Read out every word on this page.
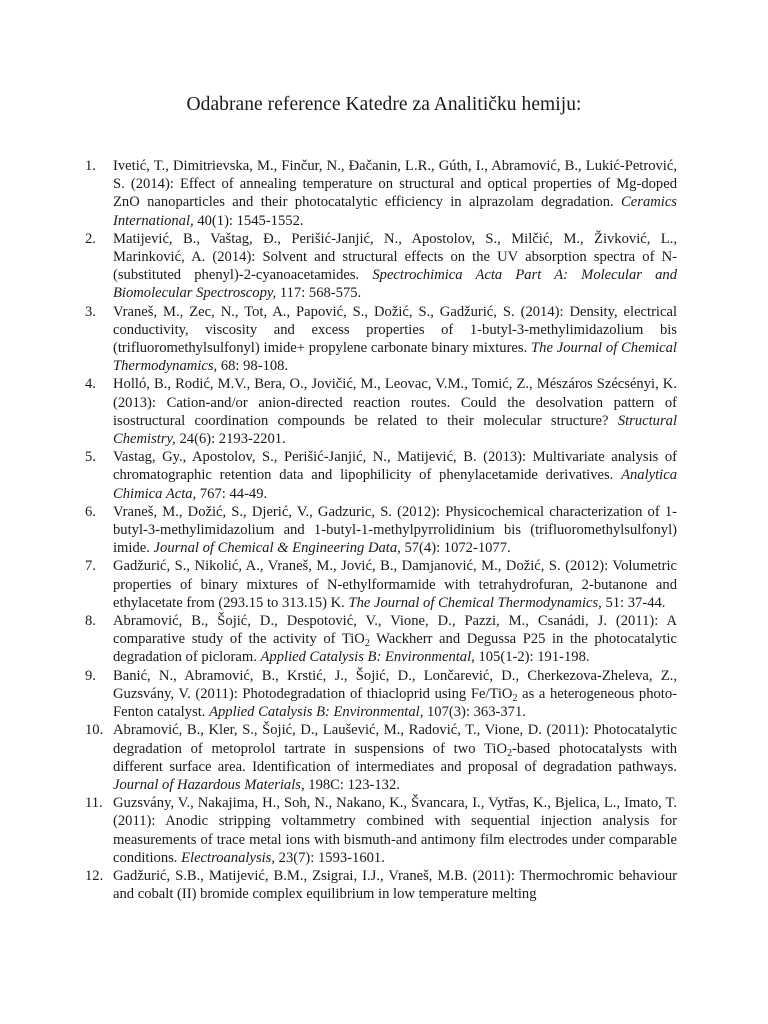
Odabrane reference Katedre za Analitičku hemiju:
1.	Ivetić, T., Dimitrievska, M., Finčur, N., Đačanin, L.R., Gúth, I., Abramović, B., Lukić-Petrović, S. (2014): Effect of annealing temperature on structural and optical properties of Mg-doped ZnO nanoparticles and their photocatalytic efficiency in alprazolam degradation. Ceramics International, 40(1): 1545-1552.
2.	Matijević, B., Vaštag, Đ., Perišić-Janjić, N., Apostolov, S., Milčić, M., Živković, L., Marinković, A. (2014): Solvent and structural effects on the UV absorption spectra of N-(substituted phenyl)-2-cyanoacetamides. Spectrochimica Acta Part A: Molecular and Biomolecular Spectroscopy, 117: 568-575.
3.	Vraneš, M., Zec, N., Tot, A., Papović, S., Dožić, S., Gadžurić, S. (2014): Density, electrical conductivity, viscosity and excess properties of 1-butyl-3-methylimidazolium bis (trifluoromethylsulfonyl) imide+ propylene carbonate binary mixtures. The Journal of Chemical Thermodynamics, 68: 98-108.
4.	Holló, B., Rodić, M.V., Bera, O., Jovičić, M., Leovac, V.M., Tomić, Z., Mészáros Szécsényi, K. (2013): Cation-and/or anion-directed reaction routes. Could the desolvation pattern of isostructural coordination compounds be related to their molecular structure? Structural Chemistry, 24(6): 2193-2201.
5.	Vastag, Gy., Apostolov, S., Perišić-Janjić, N., Matijević, B. (2013): Multivariate analysis of chromatographic retention data and lipophilicity of phenylacetamide derivatives. Analytica Chimica Acta, 767: 44-49.
6.	Vraneš, M., Dožić, S., Djerić, V., Gadzuric, S. (2012): Physicochemical characterization of 1-butyl-3-methylimidazolium and 1-butyl-1-methylpyrrolidinium bis (trifluoromethylsulfonyl) imide. Journal of Chemical & Engineering Data, 57(4): 1072-1077.
7.	Gadžurić, S., Nikolić, A., Vraneš, M., Jović, B., Damjanović, M., Dožić, S. (2012): Volumetric properties of binary mixtures of N-ethylformamide with tetrahydrofuran, 2-butanone and ethylacetate from (293.15 to 313.15) K. The Journal of Chemical Thermodynamics, 51: 37-44.
8.	Abramović, B., Šojić, D., Despotović, V., Vione, D., Pazzi, M., Csanádi, J. (2011): A comparative study of the activity of TiO$_2$ Wackherr and Degussa P25 in the photocatalytic degradation of picloram. Applied Catalysis B: Environmental, 105(1-2): 191-198.
9.	Banić, N., Abramović, B., Krstić, J., Šojić, D., Lončarević, D., Cherkezova-Zheleva, Z., Guzsvány, V. (2011): Photodegradation of thiacloprid using Fe/TiO$_2$ as a heterogeneous photo-Fenton catalyst. Applied Catalysis B: Environmental, 107(3): 363-371.
10. Abramović, B., Kler, S., Šojić, D., Laušević, M., Radović, T., Vione, D. (2011): Photocatalytic degradation of metoprolol tartrate in suspensions of two TiO$_2$-based photocatalysts with different surface area. Identification of intermediates and proposal of degradation pathways. Journal of Hazardous Materials, 198C: 123-132.
11. Guzsvány, V., Nakajima, H., Soh, N., Nakano, K., Švancara, I., Vytřas, K., Bjelica, L., Imato, T. (2011): Anodic stripping voltammetry combined with sequential injection analysis for measurements of trace metal ions with bismuth-and antimony film electrodes under comparable conditions. Electroanalysis, 23(7): 1593-1601.
12. Gadžurić, S.B., Matijević, B.M., Zsigrai, I.J., Vraneš, M.B. (2011): Thermochromic behaviour and cobalt (II) bromide complex equilibrium in low temperature melting
